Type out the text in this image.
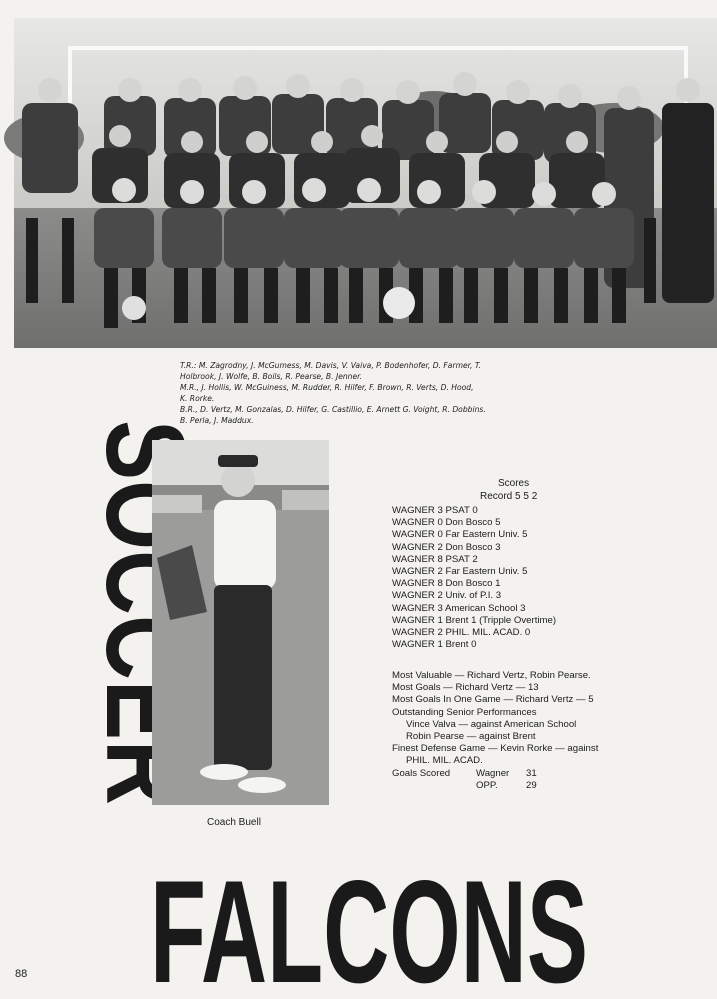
T.R.: M. Zagrodny, J. McGumess, M. Davis, V. Vaiva, P. Bodenhofer, D. Farmer, T.

Holbrook, J. Wolfe, B. Boils, R. Pearse, B. Jenner.

M.R., J. Hollis, W. McGuiness, M. Rudder, R. Hilfer, F. Brown, R. Verts, D. Hood,

K. Rorke.

B.R., D. Vertz, M. Gonzalas, D. Hilfer, G. Castillio, E. Arnett G. Voight, R. Dobbins.

B. Perla, J. Maddux.

SOCCER Coach Buell
Scores
Record 5 5 2
WAGNER 3 PSAT 0
WAGNER 0 Don Bosco 5
WAGNER 0 Far Eastern Univ. 5
WAGNER 2 Don Bosco 3
WAGNER 8 PSAT 2
WAGNER 2 Far Eastern Univ. 5
WAGNER 8 Don Bosco 1
WAGNER 2 Univ. of P.I. 3
WAGNER 3 American School 3
WAGNER 1 Brent 1 (Tripple Overtime)
WAGNER 2 PHIL. MIL. ACAD. 0
WAGNER 1 Brent 0
Most Valuable — Richard Vertz, Robin Pearse.
Most Goals — Richard Vertz — 13
Most Goals In One Game — Richard Vertz — 5
Outstanding Senior Performances
Vince Valva — against American School
Robin Pearse — against Brent
Finest Defense Game — Kevin Rorke — against
PHIL. MIL. ACAD.
Goals Scored	Wagner 31
OPP.	29
FALCONS
88
